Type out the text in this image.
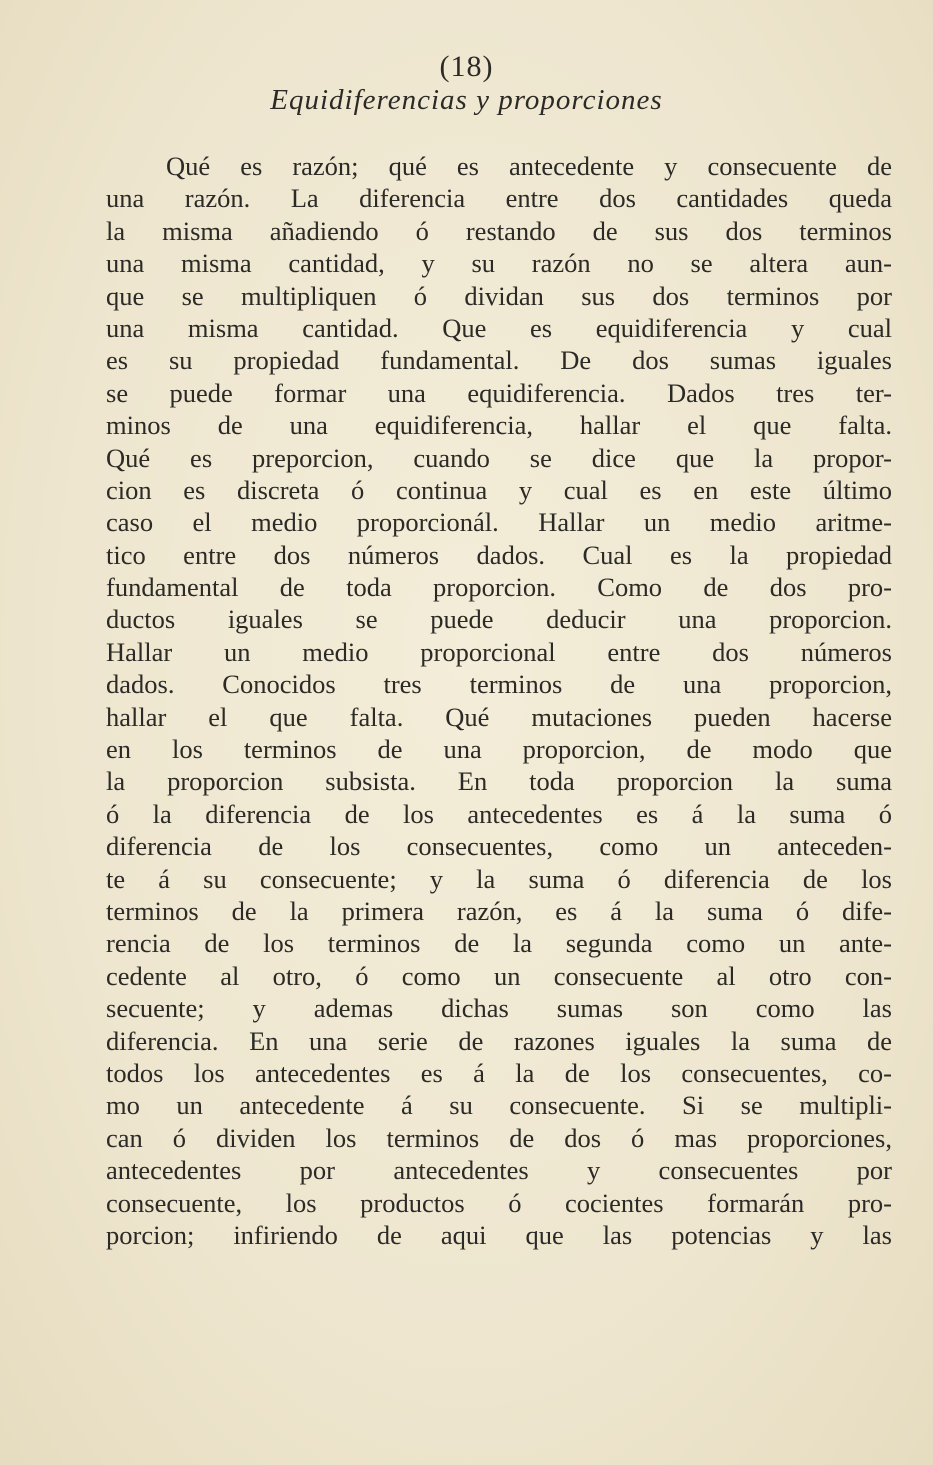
(18)
Equidiferencias y proporciones
Qué es razón; qué es antecedente y consecuente de
una razón. La diferencia entre dos cantidades queda
la misma añadiendo ó restando de sus dos terminos
una misma cantidad, y su razón no se altera aun-
que se multipliquen ó dividan sus dos terminos por
una misma cantidad. Que es equidiferencia y cual
es su propiedad fundamental. De dos sumas iguales
se puede formar una equidiferencia. Dados tres ter-
minos de una equidiferencia, hallar el que falta.
Qué es preporcion, cuando se dice que la propor-
cion es discreta ó continua y cual es en este último
caso el medio proporcionál. Hallar un medio aritme-
tico entre dos números dados. Cual es la propiedad
fundamental de toda proporcion. Como de dos pro-
ductos iguales se puede deducir una proporcion.
Hallar un medio proporcional entre dos números
dados. Conocidos tres terminos de una proporcion,
hallar el que falta. Qué mutaciones pueden hacerse
en los terminos de una proporcion, de modo que
la proporcion subsista. En toda proporcion la suma
ó la diferencia de los antecedentes es á la suma ó
diferencia de los consecuentes, como un anteceden-
te á su consecuente; y la suma ó diferencia de los
terminos de la primera razón, es á la suma ó dife-
rencia de los terminos de la segunda como un ante-
cedente al otro, ó como un consecuente al otro con-
secuente; y ademas dichas sumas son como las
diferencia. En una serie de razones iguales la suma de
todos los antecedentes es á la de los consecuentes, co-
mo un antecedente á su consecuente. Si se multipli-
can ó dividen los terminos de dos ó mas proporciones,
antecedentes por antecedentes y consecuentes por
consecuente, los productos ó cocientes formarán pro-
porcion; infiriendo de aqui que las potencias y las
